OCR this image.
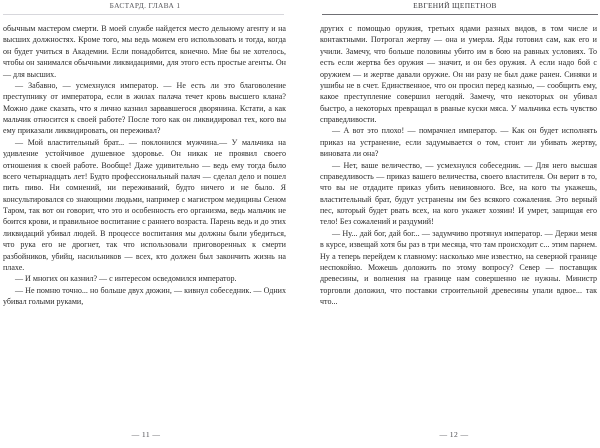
БАСТАРД. ГЛАВА 1

обычным мастером смерти. В моей службе найдется место дельному агенту и на высших должностях. Кроме того, мы ведь можем его использовать и тогда, когда он будет учиться в Академии. Если понадобится, конечно. Мне бы не хотелось, чтобы он занимался обычными ликвидациями, для этого есть простые агенты. Он — для высших.

— Забавно, — усмехнулся император. — Не есть ли это благоволение преступнику от императора, если в жилах палача течет кровь высшего клана? Можно даже сказать, что я лично казнил зарвавшегося дворянина. Кстати, а как мальчик относится к своей работе? После того как он ликвидировал тех, кого вы ему приказали ликвидировать, он переживал?

— Мой властительный брат... — поклонился мужчина.— У мальчика на удивление устойчивое душевное здоровье. Он никак не проявил своего отношения к своей работе. Вообще! Даже удивительно — ведь ему тогда было всего четырнадцать лет! Будто профессиональный палач — сделал дело и пошел пить пиво. Ни сомнений, ни переживаний, будто ничего и не было. Я консультировался со знающими людьми, например с магистром медицины Сеном Таром, так вот он говорит, что это и особенность его организма, ведь мальчик не боится крови, и правильное воспитание с раннего возраста. Парень ведь и до этих ликвидаций убивал людей. В процессе воспитания мы должны были убедиться, что рука его не дрогнет, так что использовали приговоренных к смерти разбойников, убийц, насильников — всех, кто должен был закончить жизнь на плахе.

— И многих он казнил? — с интересом осведомился император.

— Не помню точно... но больше двух дюжин, — кивнул собеседник. — Одних убивал голыми руками,

— 11 —
ЕВГЕНИЙ ЩЕПЕТНОВ

других с помощью оружия, третьих ядами разных видов, в том числе и контактными. Потрогал жертву — она и умерла. Яды готовил сам, как его и учили. Замечу, что больше половины убито им в бою на равных условиях. То есть если жертва без оружия — значит, и он без оружия. А если надо бой с оружием — и жертве давали оружие. Он ни разу не был даже ранен. Синяки и ушибы не в счет. Единственное, что он просил перед казнью, — сообщить ему, какое преступление совершил негодяй. Замечу, что некоторых он убивал быстро, а некоторых превращал в рваные куски мяса. У мальчика есть чувство справедливости.

— А вот это плохо! — помрачнел император. — Как он будет исполнять приказ на устранение, если задумывается о том, стоит ли убивать жертву, виновата ли она?

— Нет, ваше величество, — усмехнулся собеседник. — Для него высшая справедливость — приказ вашего величества, своего властителя. Он верит в то, что вы не отдадите приказ убить невиновного. Все, на кого ты укажешь, властительный брат, будут устранены им без всякого сожаления. Это верный пес, который будет рвать всех, на кого укажет хозяин! И умрет, защищая его тело! Без сожалений и раздумий!

— Ну... дай бог, дай бог... — задумчиво протянул император. — Держи меня в курсе, извещай хотя бы раз в три месяца, что там происходит с... этим парнем. Ну а теперь перейдем к главному: насколько мне известно, на северной границе неспокойно. Можешь доложить по этому вопросу? Север — поставщик древесины, и волнения на границе нам совершенно не нужны. Министр торговли доложил, что поставки строительной древесины упали вдвое... так что...

— 12 —
